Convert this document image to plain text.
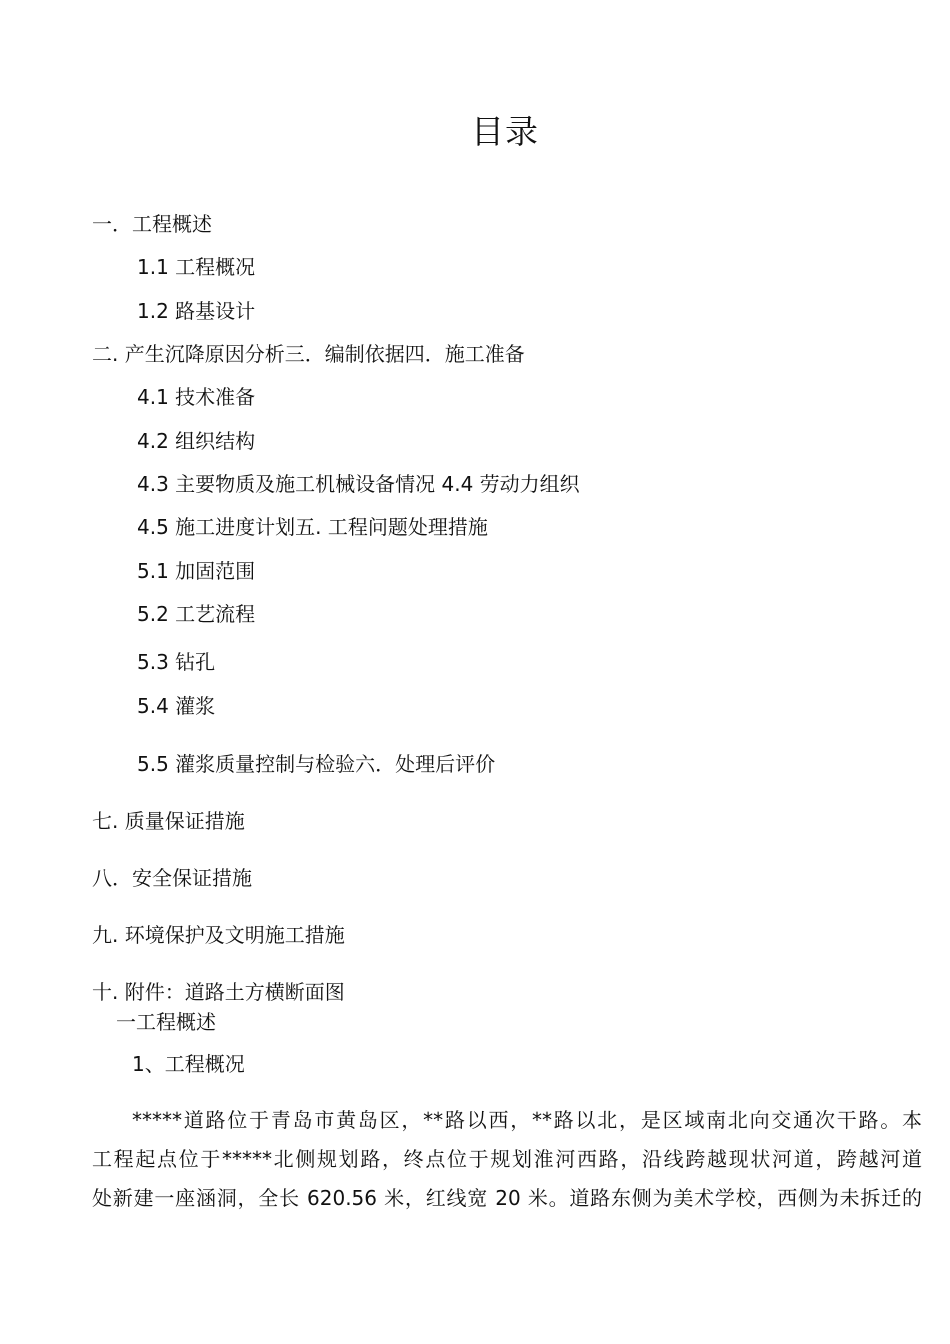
目录
一．工程概述
1.1 工程概况
1.2 路基设计
二. 产生沉降原因分析三．编制依据四．施工准备
4.1 技术准备
4.2 组织结构
4.3 主要物质及施工机械设备情况 4.4 劳动力组织
4.5 施工进度计划五. 工程问题处理措施
5.1 加固范围
5.2 工艺流程
5.3 钻孔
5.4 灌浆
5.5 灌浆质量控制与检验六．处理后评价
七. 质量保证措施
八．安全保证措施
九. 环境保护及文明施工措施
十. 附件：道路土方横断面图
一工程概述
1、工程概况
*****道路位于青岛市黄岛区，**路以西，**路以北，是区域南北向交通次干路。本
工程起点位于*****北侧规划路，终点位于规划淮河西路，沿线跨越现状河道，跨越河道
处新建一座涵洞，全长 620.56 米，红线宽 20 米。道路东侧为美术学校，西侧为未拆迁的
